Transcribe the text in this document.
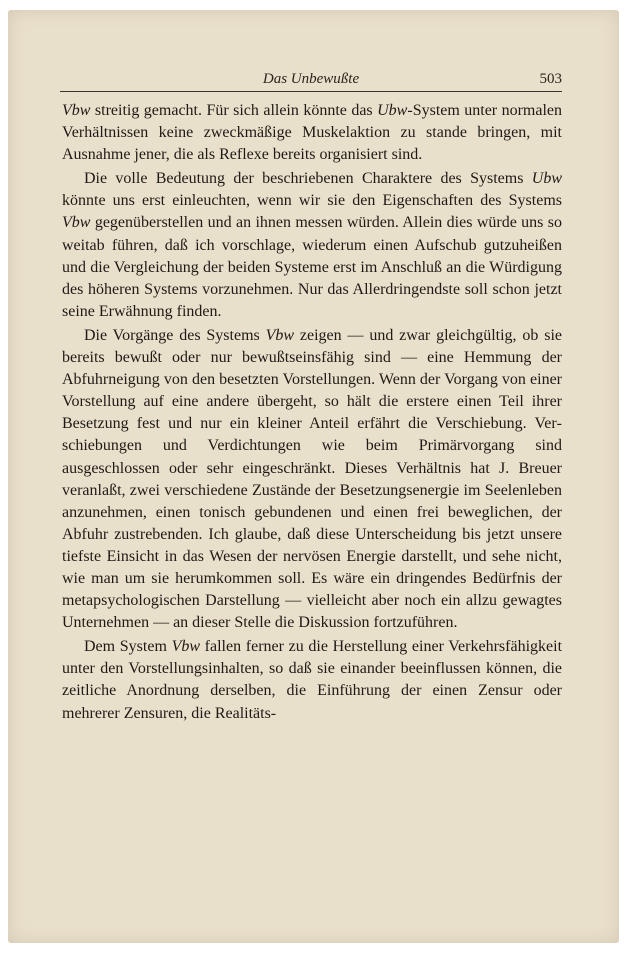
Das Unbewußte	503

Vbw streitig gemacht. Für sich allein könnte das Ubw-System unter normalen Verhältnissen keine zweckmäßige Muskelaktion zu stande bringen, mit Ausnahme jener, die als Reflexe bereits organisiert sind.

Die volle Bedeutung der beschriebenen Charaktere des Systems Ubw könnte uns erst einleuchten, wenn wir sie den Eigenschaften des Systems Vbw gegenüberstellen und an ihnen messen würden. Allein dies würde uns so weitab führen, daß ich vorschlage, wiederum einen Aufschub gutzuheißen und die Vergleichung der beiden Systeme erst im Anschluß an die Würdigung des höheren Systems vorzunehmen. Nur das Allerdringendste soll schon jetzt seine Erwähnung finden.

Die Vorgänge des Systems Vbw zeigen — und zwar gleichgültig, ob sie bereits bewußt oder nur bewußtseinsfähig sind — eine Hemmung der Abfuhrneigung von den besetzten Vorstellungen. Wenn der Vorgang von einer Vorstellung auf eine andere übergeht, so hält die erstere einen Teil ihrer Besetzung fest und nur ein kleiner Anteil erfährt die Verschiebung. Verschiebungen und Verdichtungen wie beim Primärvorgang sind ausgeschlossen oder sehr eingeschränkt. Dieses Verhältnis hat J. Breuer veranlaßt, zwei verschiedene Zustände der Besetzungsenergie im Seelenleben anzunehmen, einen tonisch gebundenen und einen frei beweglichen, der Abfuhr zustrebenden. Ich glaube, daß diese Unterscheidung bis jetzt unsere tiefste Einsicht in das Wesen der nervösen Energie darstellt, und sehe nicht, wie man um sie herumkommen soll. Es wäre ein dringendes Bedürfnis der metapsychologischen Darstellung — vielleicht aber noch ein allzu gewagtes Unternehmen — an dieser Stelle die Diskussion fortzuführen.

Dem System Vbw fallen ferner zu die Herstellung einer Verkehrsfähigkeit unter den Vorstellungsinhalten, so daß sie einander beeinflussen können, die zeitliche Anordnung derselben, die Einführung der einen Zensur oder mehrerer Zensuren, die Realitäts-
